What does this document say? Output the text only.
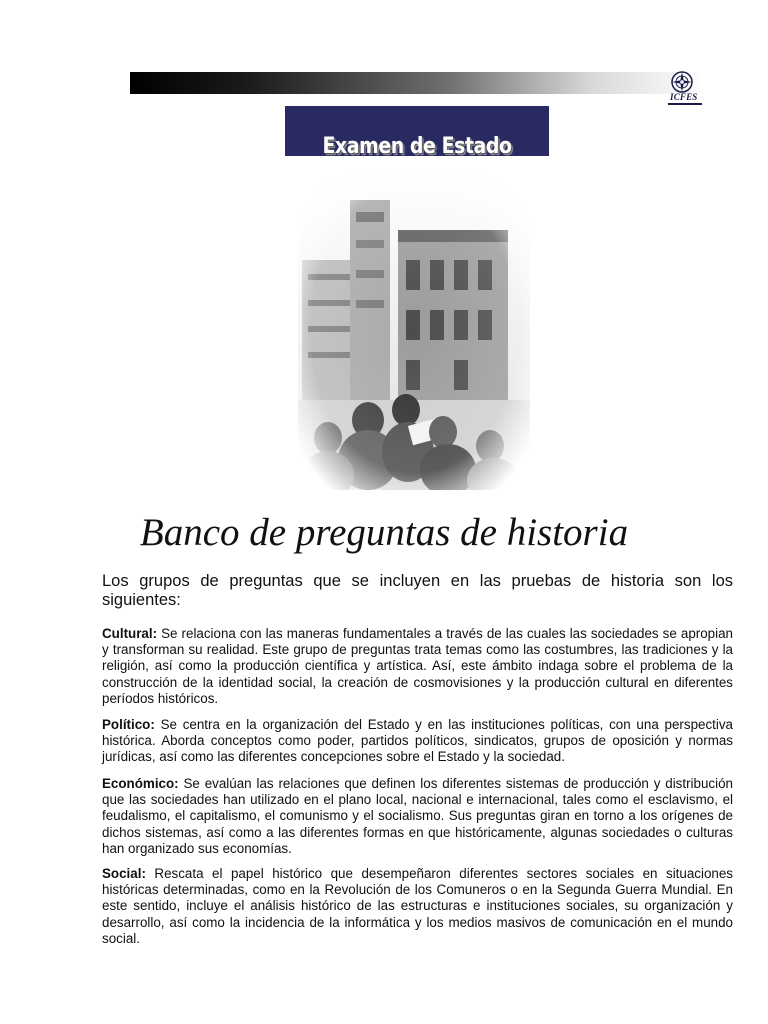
ICFES
Examen de Estado
Banco de preguntas de historia

Los grupos de preguntas que se incluyen en las pruebas de historia son los siguientes:

Cultural: Se relaciona con las maneras fundamentales a través de las cuales las sociedades se apropian y transforman su realidad. Este grupo de preguntas trata temas como las costumbres, las tradiciones y la religión, así como la producción científica y artística. Así, este ámbito indaga sobre el problema de la construcción de la identidad social, la creación de cosmovisiones y la producción cultural en diferentes períodos históricos.

Político: Se centra en la organización del Estado y en las instituciones políticas, con una perspectiva histórica. Aborda conceptos como poder, partidos políticos, sindicatos, grupos de oposición y normas jurídicas, así como las diferentes concepciones sobre el Estado y la sociedad.

Económico: Se evalúan las relaciones que definen los diferentes sistemas de producción y distribución que las sociedades han utilizado en el plano local, nacional e internacional, tales como el esclavismo, el feudalismo, el capitalismo, el comunismo y el socialismo. Sus preguntas giran en torno a los orígenes de dichos sistemas, así como a las diferentes formas en que históricamente, algunas sociedades o culturas han organizado sus economías.

Social: Rescata el papel histórico que desempeñaron diferentes sectores sociales en situaciones históricas determinadas, como en la Revolución de los Comuneros o en la Segunda Guerra Mundial. En este sentido, incluye el análisis histórico de las estructuras e instituciones sociales, su organización y desarrollo, así como la incidencia de la informática y los medios masivos de comunicación en el mundo social.
